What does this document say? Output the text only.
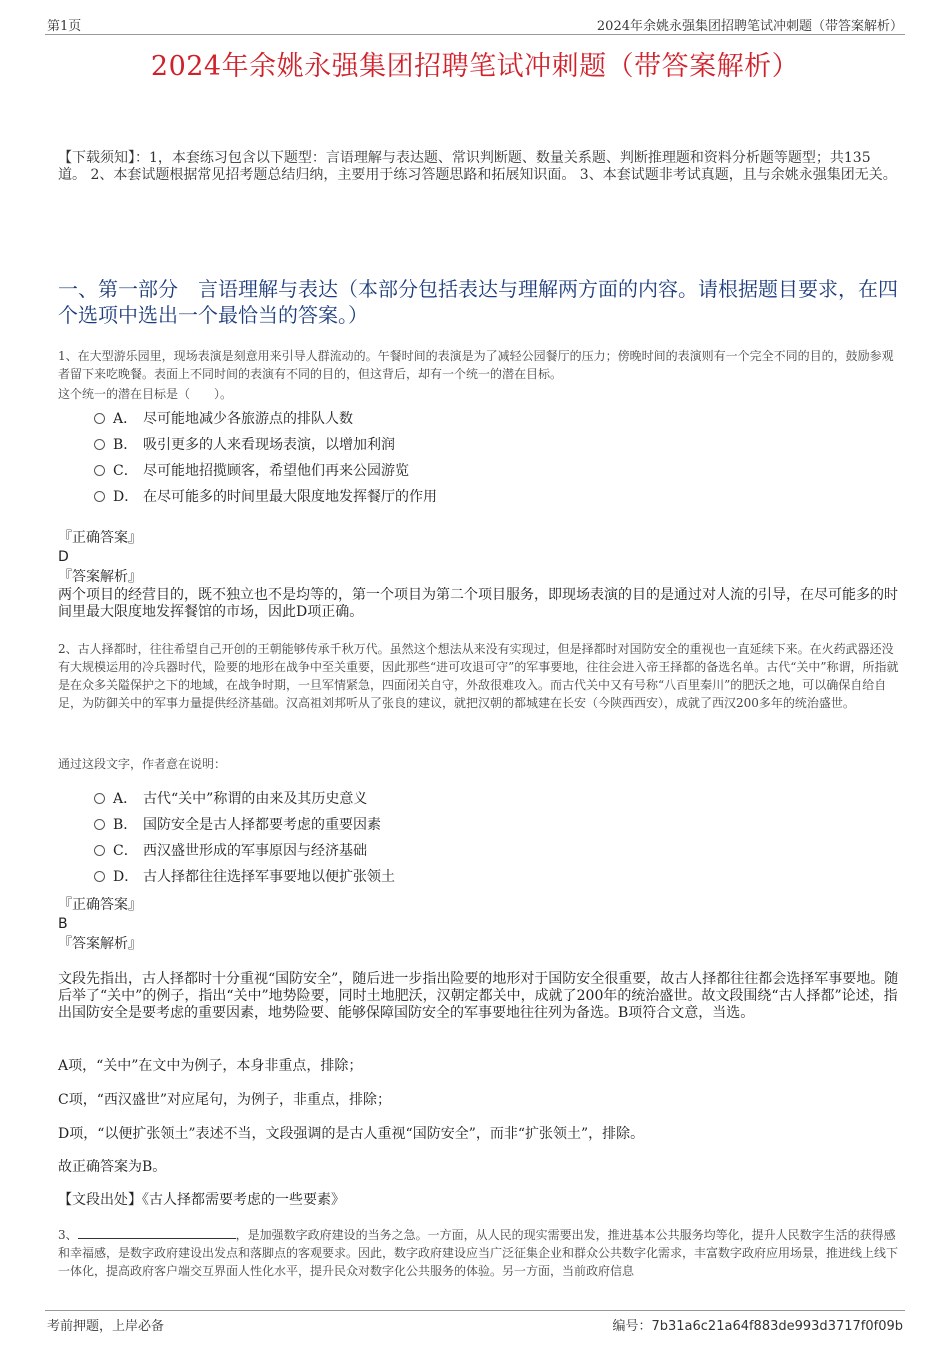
第1页	2024年余姚永强集团招聘笔试冲刺题（带答案解析）
2024年余姚永强集团招聘笔试冲刺题（带答案解析）
【下载须知】：1，本套练习包含以下题型：言语理解与表达题、常识判断题、数量关系题、判断推理题和资料分析题等题型；共135道。 2、本套试题根据常见招考题总结归纳，主要用于练习答题思路和拓展知识面。 3、本套试题非考试真题，且与余姚永强集团无关。
一、第一部分　言语理解与表达（本部分包括表达与理解两方面的内容。请根据题目要求，在四个选项中选出一个最恰当的答案。）
1、在大型游乐园里，现场表演是刻意用来引导人群流动的。午餐时间的表演是为了减轻公园餐厅的压力；傍晚时间的表演则有一个完全不同的目的，鼓励参观者留下来吃晚餐。表面上不同时间的表演有不同的目的，但这背后，却有一个统一的潜在目标。
这个统一的潜在目标是（　　）。
A． 尽可能地减少各旅游点的排队人数
B． 吸引更多的人来看现场表演，以增加利润
C． 尽可能地招揽顾客，希望他们再来公园游览
D． 在尽可能多的时间里最大限度地发挥餐厅的作用
『正确答案』
D
『答案解析』
两个项目的经营目的，既不独立也不是均等的，第一个项目为第二个项目服务，即现场表演的目的是通过对人流的引导，在尽可能多的时间里最大限度地发挥餐馆的市场，因此D项正确。
2、古人择都时，往往希望自己开创的王朝能够传承千秋万代。虽然这个想法从来没有实现过，但是择都时对国防安全的重视也一直延续下来。在火药武器还没有大规模运用的冷兵器时代，险要的地形在战争中至关重要，因此那些“进可攻退可守”的军事要地，往往会进入帝王择都的备选名单。古代“关中”称谓，所指就是在众多关隘保护之下的地域，在战争时期，一旦军情紧急，四面闭关自守，外敌很难攻入。而古代关中又有号称“八百里秦川”的肥沃之地，可以确保自给自足，为防御关中的军事力量提供经济基础。汉高祖刘邦听从了张良的建议，就把汉朝的都城建在长安（今陕西西安），成就了西汉200多年的统治盛世。
通过这段文字，作者意在说明：
A． 古代“关中”称谓的由来及其历史意义
B． 国防安全是古人择都要考虑的重要因素
C． 西汉盛世形成的军事原因与经济基础
D． 古人择都往往选择军事要地以便扩张领土
『正确答案』
B
『答案解析』
文段先指出，古人择都时十分重视“国防安全”，随后进一步指出险要的地形对于国防安全很重要，故古人择都往往都会选择军事要地。随后举了“关中”的例子，指出“关中”地势险要，同时土地肥沃，汉朝定都关中，成就了200年的统治盛世。故文段围绕“古人择都”论述，指出国防安全是要考虑的重要因素，地势险要、能够保障国防安全的军事要地往往列为备选。B项符合文意，当选。
A项，“关中”在文中为例子，本身非重点，排除；
C项，“西汉盛世”对应尾句，为例子，非重点，排除；
D项，“以便扩张领土”表述不当，文段强调的是古人重视“国防安全”，而非“扩张领土”，排除。
故正确答案为B。
【文段出处】《古人择都需要考虑的一些要素》
3、	，是加强数字政府建设的当务之急。一方面，从人民的现实需要出发，推进基本公共服务均等化，提升人民数字生活的获得感和幸福感，是数字政府建设出发点和落脚点的客观要求。因此，数字政府建设应当广泛征集企业和群众公共数字化需求，丰富数字政府应用场景，推进线上线下一体化，提高政府客户端交互界面人性化水平，提升民众对数字化公共服务的体验。另一方面，当前政府信息
考前押题，上岸必备	编号：7b31a6c21a64f883de993d3717f0f09b
